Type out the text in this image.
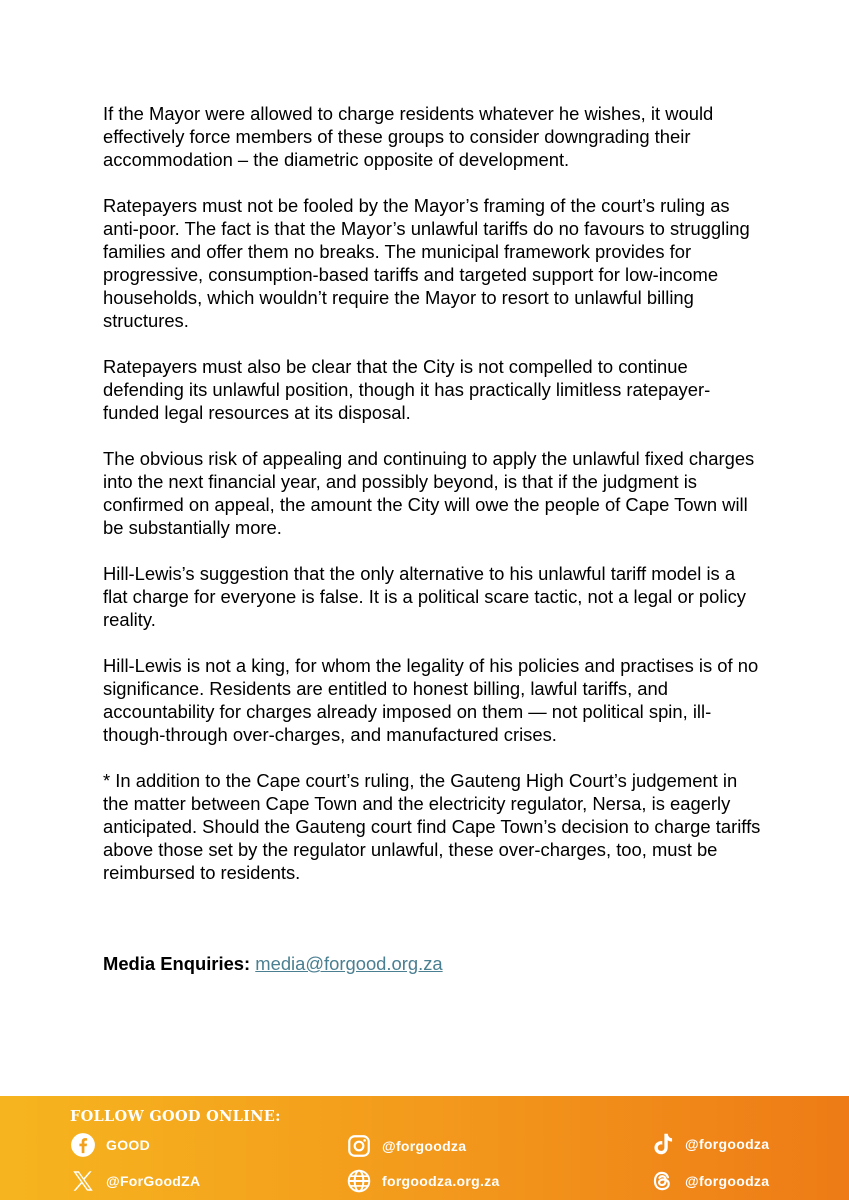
If the Mayor were allowed to charge residents whatever he wishes, it would effectively force members of these groups to consider downgrading their accommodation – the diametric opposite of development.

Ratepayers must not be fooled by the Mayor’s framing of the court’s ruling as anti-poor. The fact is that the Mayor’s unlawful tariffs do no favours to struggling families and offer them no breaks. The municipal framework provides for progressive, consumption-based tariffs and targeted support for low-income households, which wouldn’t require the Mayor to resort to unlawful billing structures.

Ratepayers must also be clear that the City is not compelled to continue defending its unlawful position, though it has practically limitless ratepayer-funded legal resources at its disposal.

The obvious risk of appealing and continuing to apply the unlawful fixed charges into the next financial year, and possibly beyond, is that if the judgment is confirmed on appeal, the amount the City will owe the people of Cape Town will be substantially more.

Hill-Lewis’s suggestion that the only alternative to his unlawful tariff model is a flat charge for everyone is false. It is a political scare tactic, not a legal or policy reality.

Hill-Lewis is not a king, for whom the legality of his policies and practises is of no significance. Residents are entitled to honest billing, lawful tariffs, and accountability for charges already imposed on them — not political spin, ill-though-through over-charges, and manufactured crises.

* In addition to the Cape court’s ruling, the Gauteng High Court’s judgement in the matter between Cape Town and the electricity regulator, Nersa, is eagerly anticipated. Should the Gauteng court find Cape Town’s decision to charge tariffs above those set by the regulator unlawful, these over-charges, too, must be reimbursed to residents.

Media Enquiries: media@forgood.org.za
FOLLOW GOOD ONLINE:
GOOD
@ForGoodZA
@forgoodza
forgoodza.org.za
@forgoodza
@forgoodza
